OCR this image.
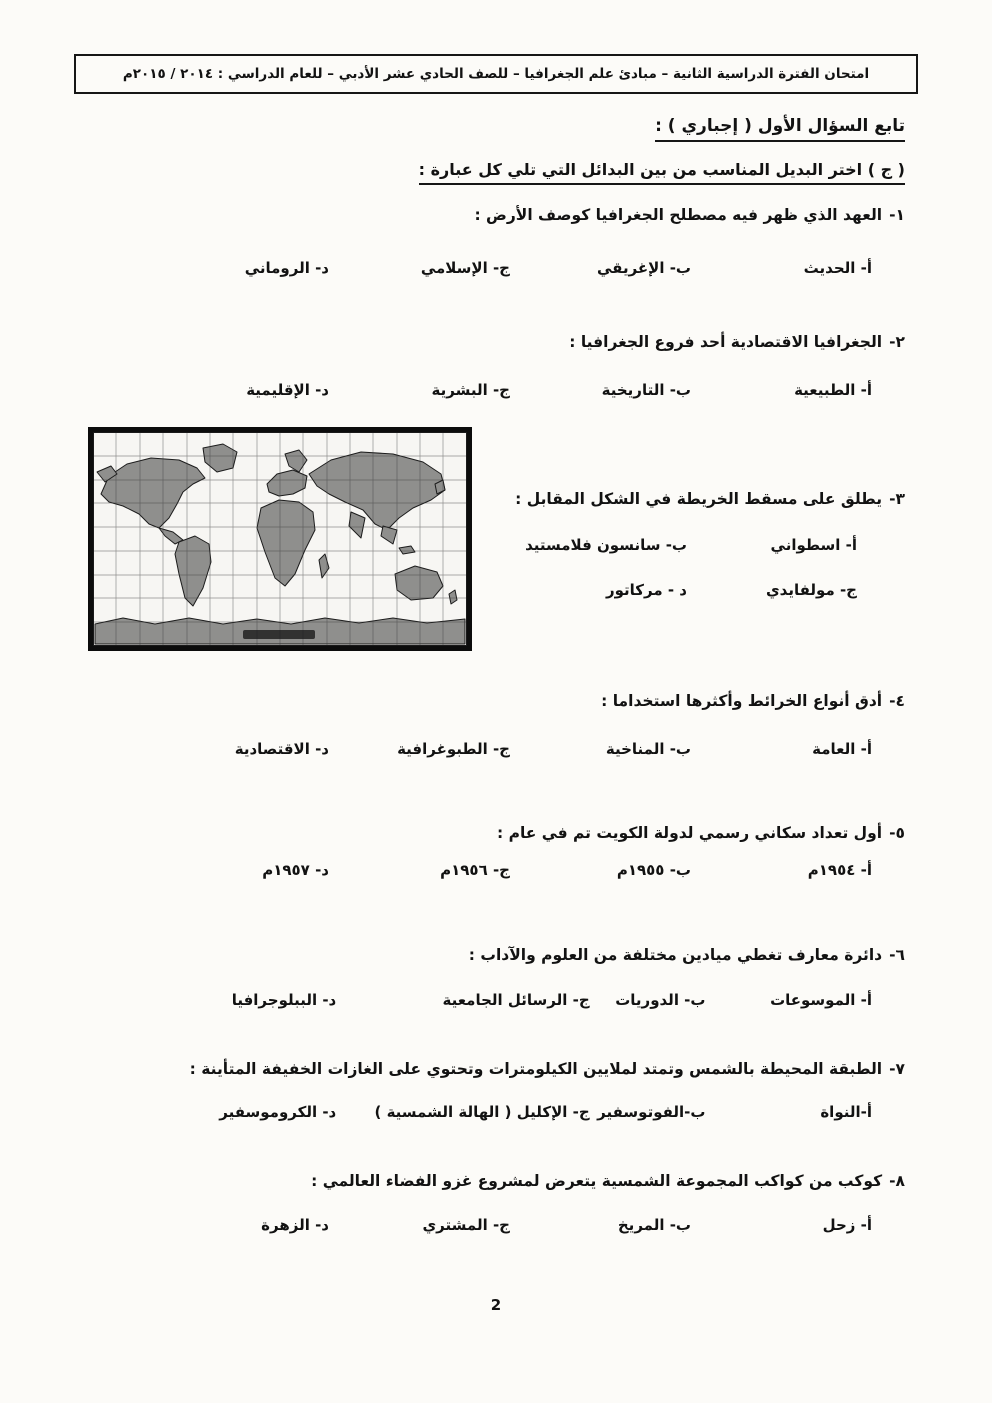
امتحان الفترة الدراسية الثانية – مبادئ علم الجغرافيا – للصف الحادي عشر الأدبي – للعام الدراسي : ٢٠١٤ / ٢٠١٥م
تابع السؤال الأول ( إجباري ) :
( ج ) اختر البديل المناسب من بين البدائل التي تلي كل عبارة :
١-العهد الذي ظهر فيه مصطلح الجغرافيا كوصف الأرض :
أ- الحديث
ب- الإغريقي
ج- الإسلامي
د- الروماني
٢-الجغرافيا الاقتصادية أحد فروع الجغرافيا :
أ- الطبيعية
ب- التاريخية
ج- البشرية
د- الإقليمية
٣-يطلق على مسقط الخريطة في الشكل المقابل :
أ- اسطواني
ب- سانسون فلامستيد
ج- مولفايدي
د - مركاتور
٤-أدق أنواع الخرائط وأكثرها استخداما :
أ- العامة
ب- المناخية
ج- الطبوغرافية
د- الاقتصادية
٥-أول تعداد سكاني رسمي لدولة الكويت تم في عام :
أ- ١٩٥٤م
ب- ١٩٥٥م
ج- ١٩٥٦م
د- ١٩٥٧م
٦-دائرة معارف تغطي ميادين مختلفة من العلوم والآداب :
أ- الموسوعات
ب- الدوريات
ج- الرسائل الجامعية
د- الببلوجرافيا
٧-الطبقة المحيطة بالشمس وتمتد لملايين الكيلومترات وتحتوي على الغازات الخفيفة المتأينة :
أ-النواة
ب-الفوتوسفير
ج- الإكليل ( الهالة الشمسية )
د- الكروموسفير
٨-كوكب من كواكب المجموعة الشمسية يتعرض لمشروع غزو الفضاء العالمي :
أ- زحل
ب- المريخ
ج- المشتري
د- الزهرة
2
